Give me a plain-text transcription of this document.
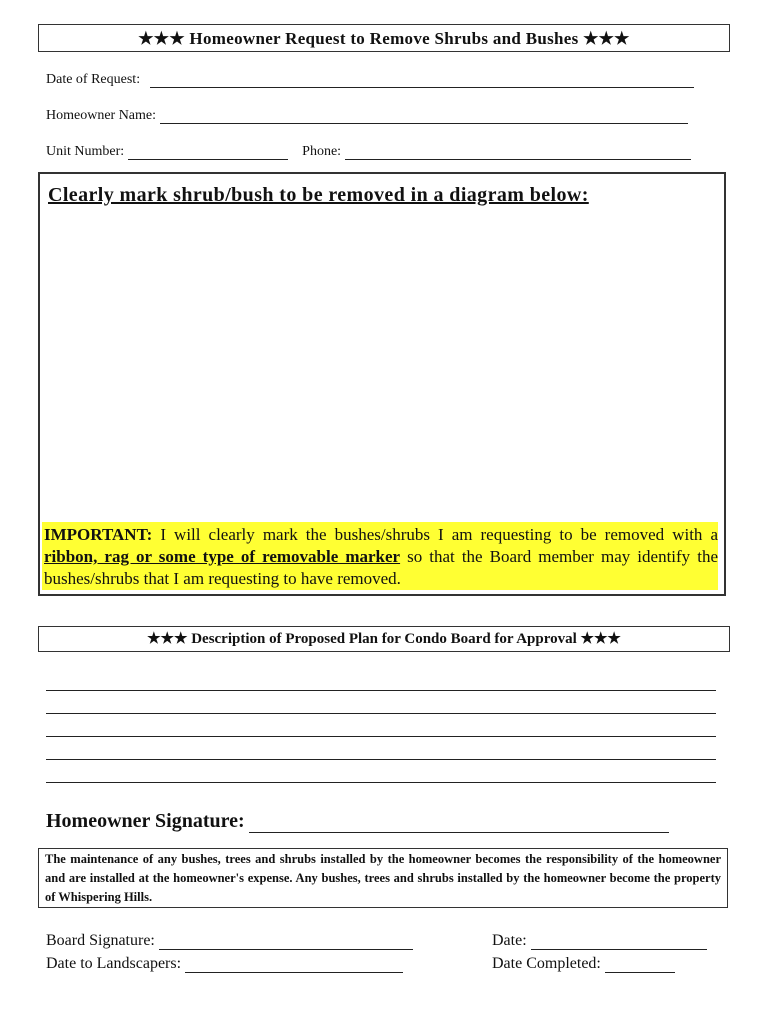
★★★ Homeowner Request to Remove Shrubs and Bushes ★★★
Date of Request:
Homeowner Name:
Unit Number:	Phone:
Clearly mark shrub/bush to be removed in a diagram below:
IMPORTANT: I will clearly mark the bushes/shrubs I am requesting to be removed with a ribbon, rag or some type of removable marker so that the Board member may identify the bushes/shrubs that I am requesting to have removed.
★★★ Description of Proposed Plan for Condo Board for Approval ★★★
Homeowner Signature:
The maintenance of any bushes, trees and shrubs installed by the homeowner becomes the responsibility of the homeowner and are installed at the homeowner's expense. Any bushes, trees and shrubs installed by the homeowner become the property of Whispering Hills.
Board Signature:	Date:
Date to Landscapers:	Date Completed:
